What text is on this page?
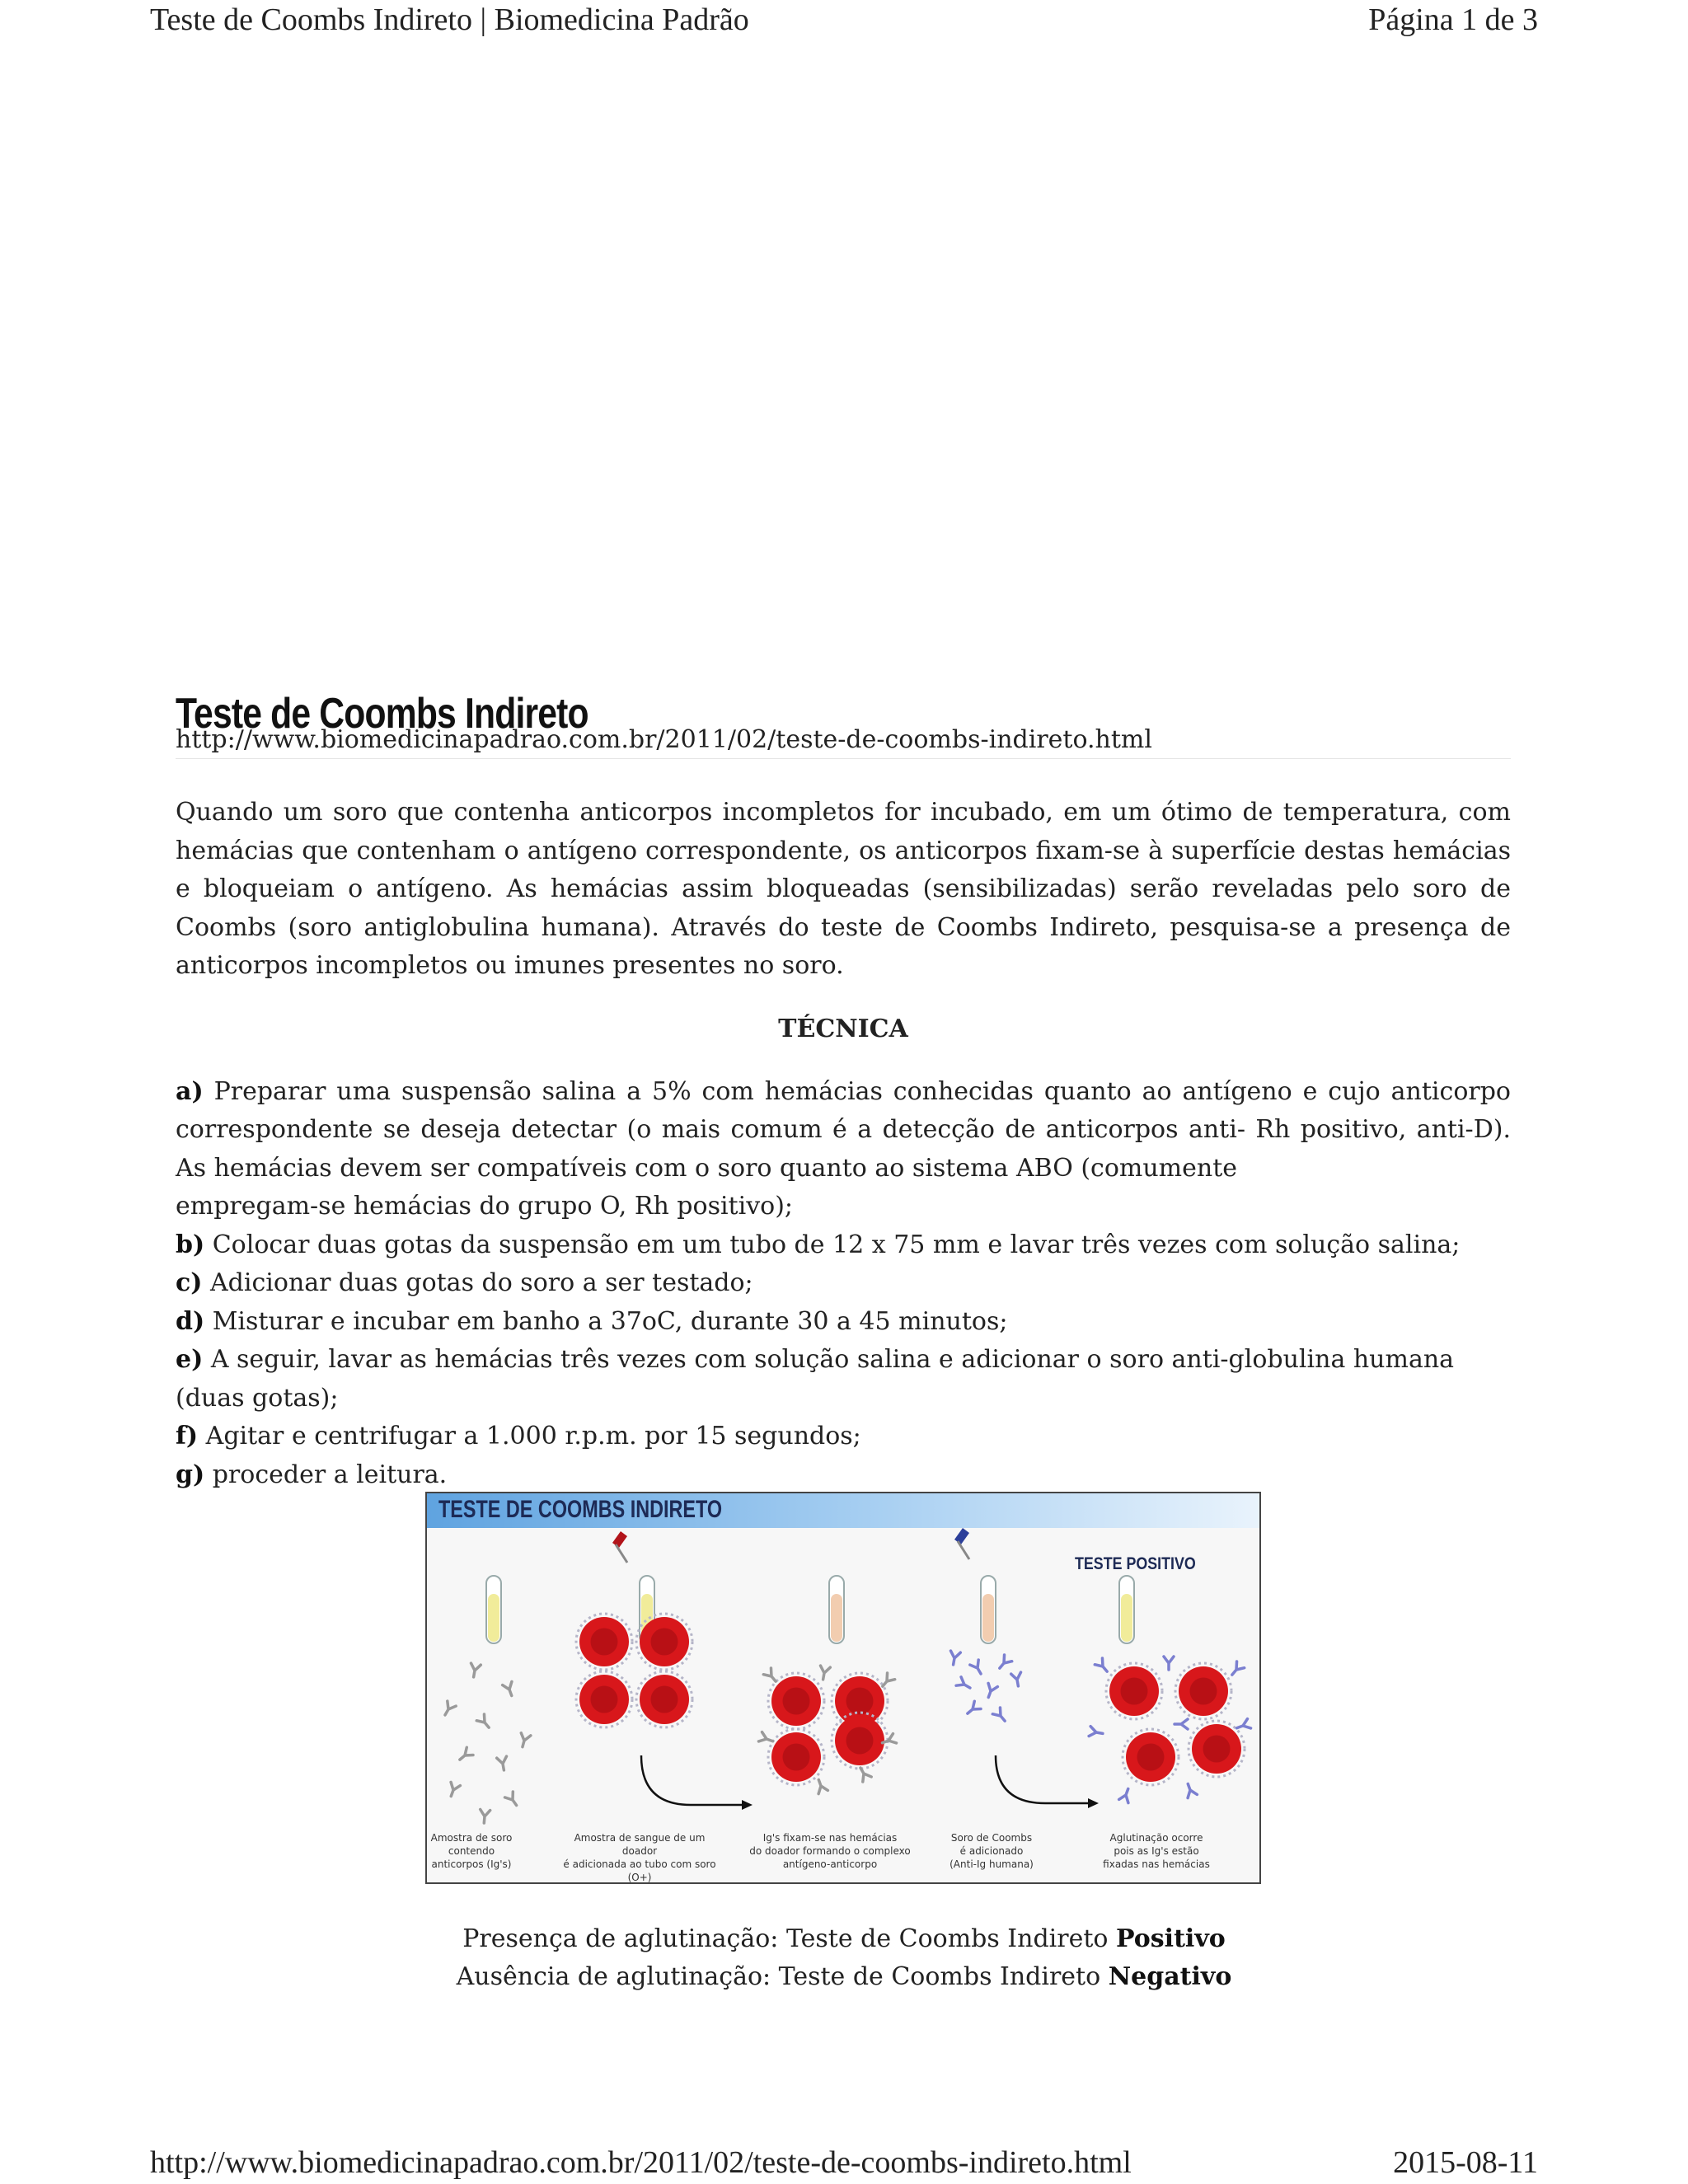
Teste de Coombs Indireto | Biomedicina Padrão	Página 1 de 3
Teste de Coombs Indireto
http://www.biomedicinapadrao.com.br/2011/02/teste-de-coombs-indireto.html
Quando um soro que contenha anticorpos incompletos for incubado, em um ótimo de temperatura, com hemácias que contenham o antígeno correspondente, os anticorpos fixam-se à superfície destas hemácias e bloqueiam o antígeno. As hemácias assim bloqueadas (sensibilizadas) serão reveladas pelo soro de Coombs (soro antiglobulina humana). Através do teste de Coombs Indireto, pesquisa-se a presença de anticorpos incompletos ou imunes presentes no soro.
TÉCNICA
a) Preparar uma suspensão salina a 5% com hemácias conhecidas quanto ao antígeno e cujo anticorpo correspondente se deseja detectar (o mais comum é a detecção de anticorpos anti- Rh positivo, anti-D). As hemácias devem ser compatíveis com o soro quanto ao sistema ABO (comumente
empregam-se hemácias do grupo O, Rh positivo);
b) Colocar duas gotas da suspensão em um tubo de 12 x 75 mm e lavar três vezes com solução salina;
c) Adicionar duas gotas do soro a ser testado;
d) Misturar e incubar em banho a 37oC, durante 30 a 45 minutos;
e) A seguir, lavar as hemácias três vezes com solução salina e adicionar o soro anti-globulina humana (duas gotas);
f) Agitar e centrifugar a 1.000 r.p.m. por 15 segundos;
g) proceder a leitura.
TESTE DE COOMBS INDIRETO
TESTE POSITIVO
Amostra de soro
contendo anticorpos (Ig's)
Amostra de sangue de um doador
é adicionada ao tubo com soro
(O+)
Ig's fixam-se nas hemácias
do doador formando o complexo
antígeno-anticorpo
Soro de Coombs
é adicionado
(Anti-Ig humana)
Aglutinação ocorre
pois as Ig's estão
fixadas nas hemácias
Presença de aglutinação: Teste de Coombs Indireto Positivo
Ausência de aglutinação: Teste de Coombs Indireto Negativo
http://www.biomedicinapadrao.com.br/2011/02/teste-de-coombs-indireto.html	2015-08-11
